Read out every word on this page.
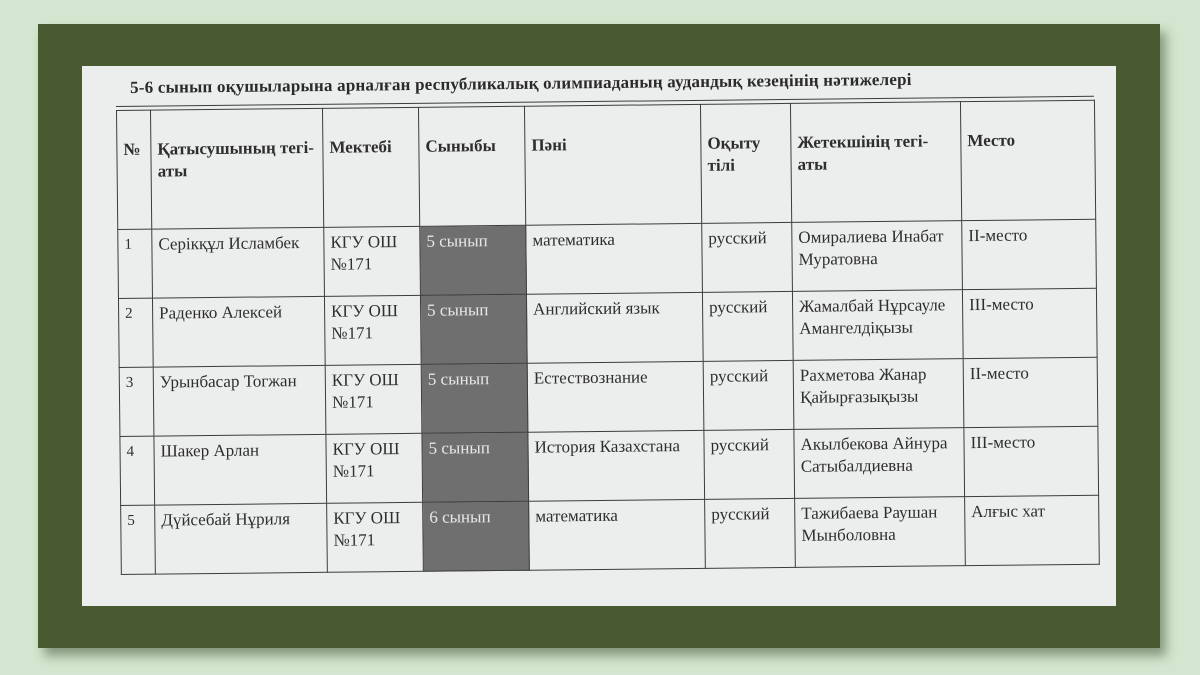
5-6 сынып оқушыларына арналған республикалық олимпиаданың аудандық кезеңінің нәтижелері
№	Қатысушының тегі-аты	Мектебі	Сыныбы	Пәні	Оқыту тілі	Жетекшінің тегі-аты	Место
1	Серікқұл Исламбек	КГУ ОШ №171	5 сынып	математика	русский	Омиралиева Инабат Муратовна	ІІ-место
2	Раденко Алексей	КГУ ОШ №171	5 сынып	Английский язык	русский	Жамалбай Нұрсауле Амангелдіқызы	ІІІ-место
3	Урынбасар Тогжан	КГУ ОШ №171	5 сынып	Естествознание	русский	Рахметова Жанар Қайырғазықызы	ІІ-место
4	Шакер Арлан	КГУ ОШ №171	5 сынып	История Казахстана	русский	Акылбекова Айнура Сатыбалдиевна	ІІІ-место
5	Дүйсебай Нұриля	КГУ ОШ №171	6 сынып	математика	русский	Тажибаева Раушан Мынболовна	Алғыс хат
